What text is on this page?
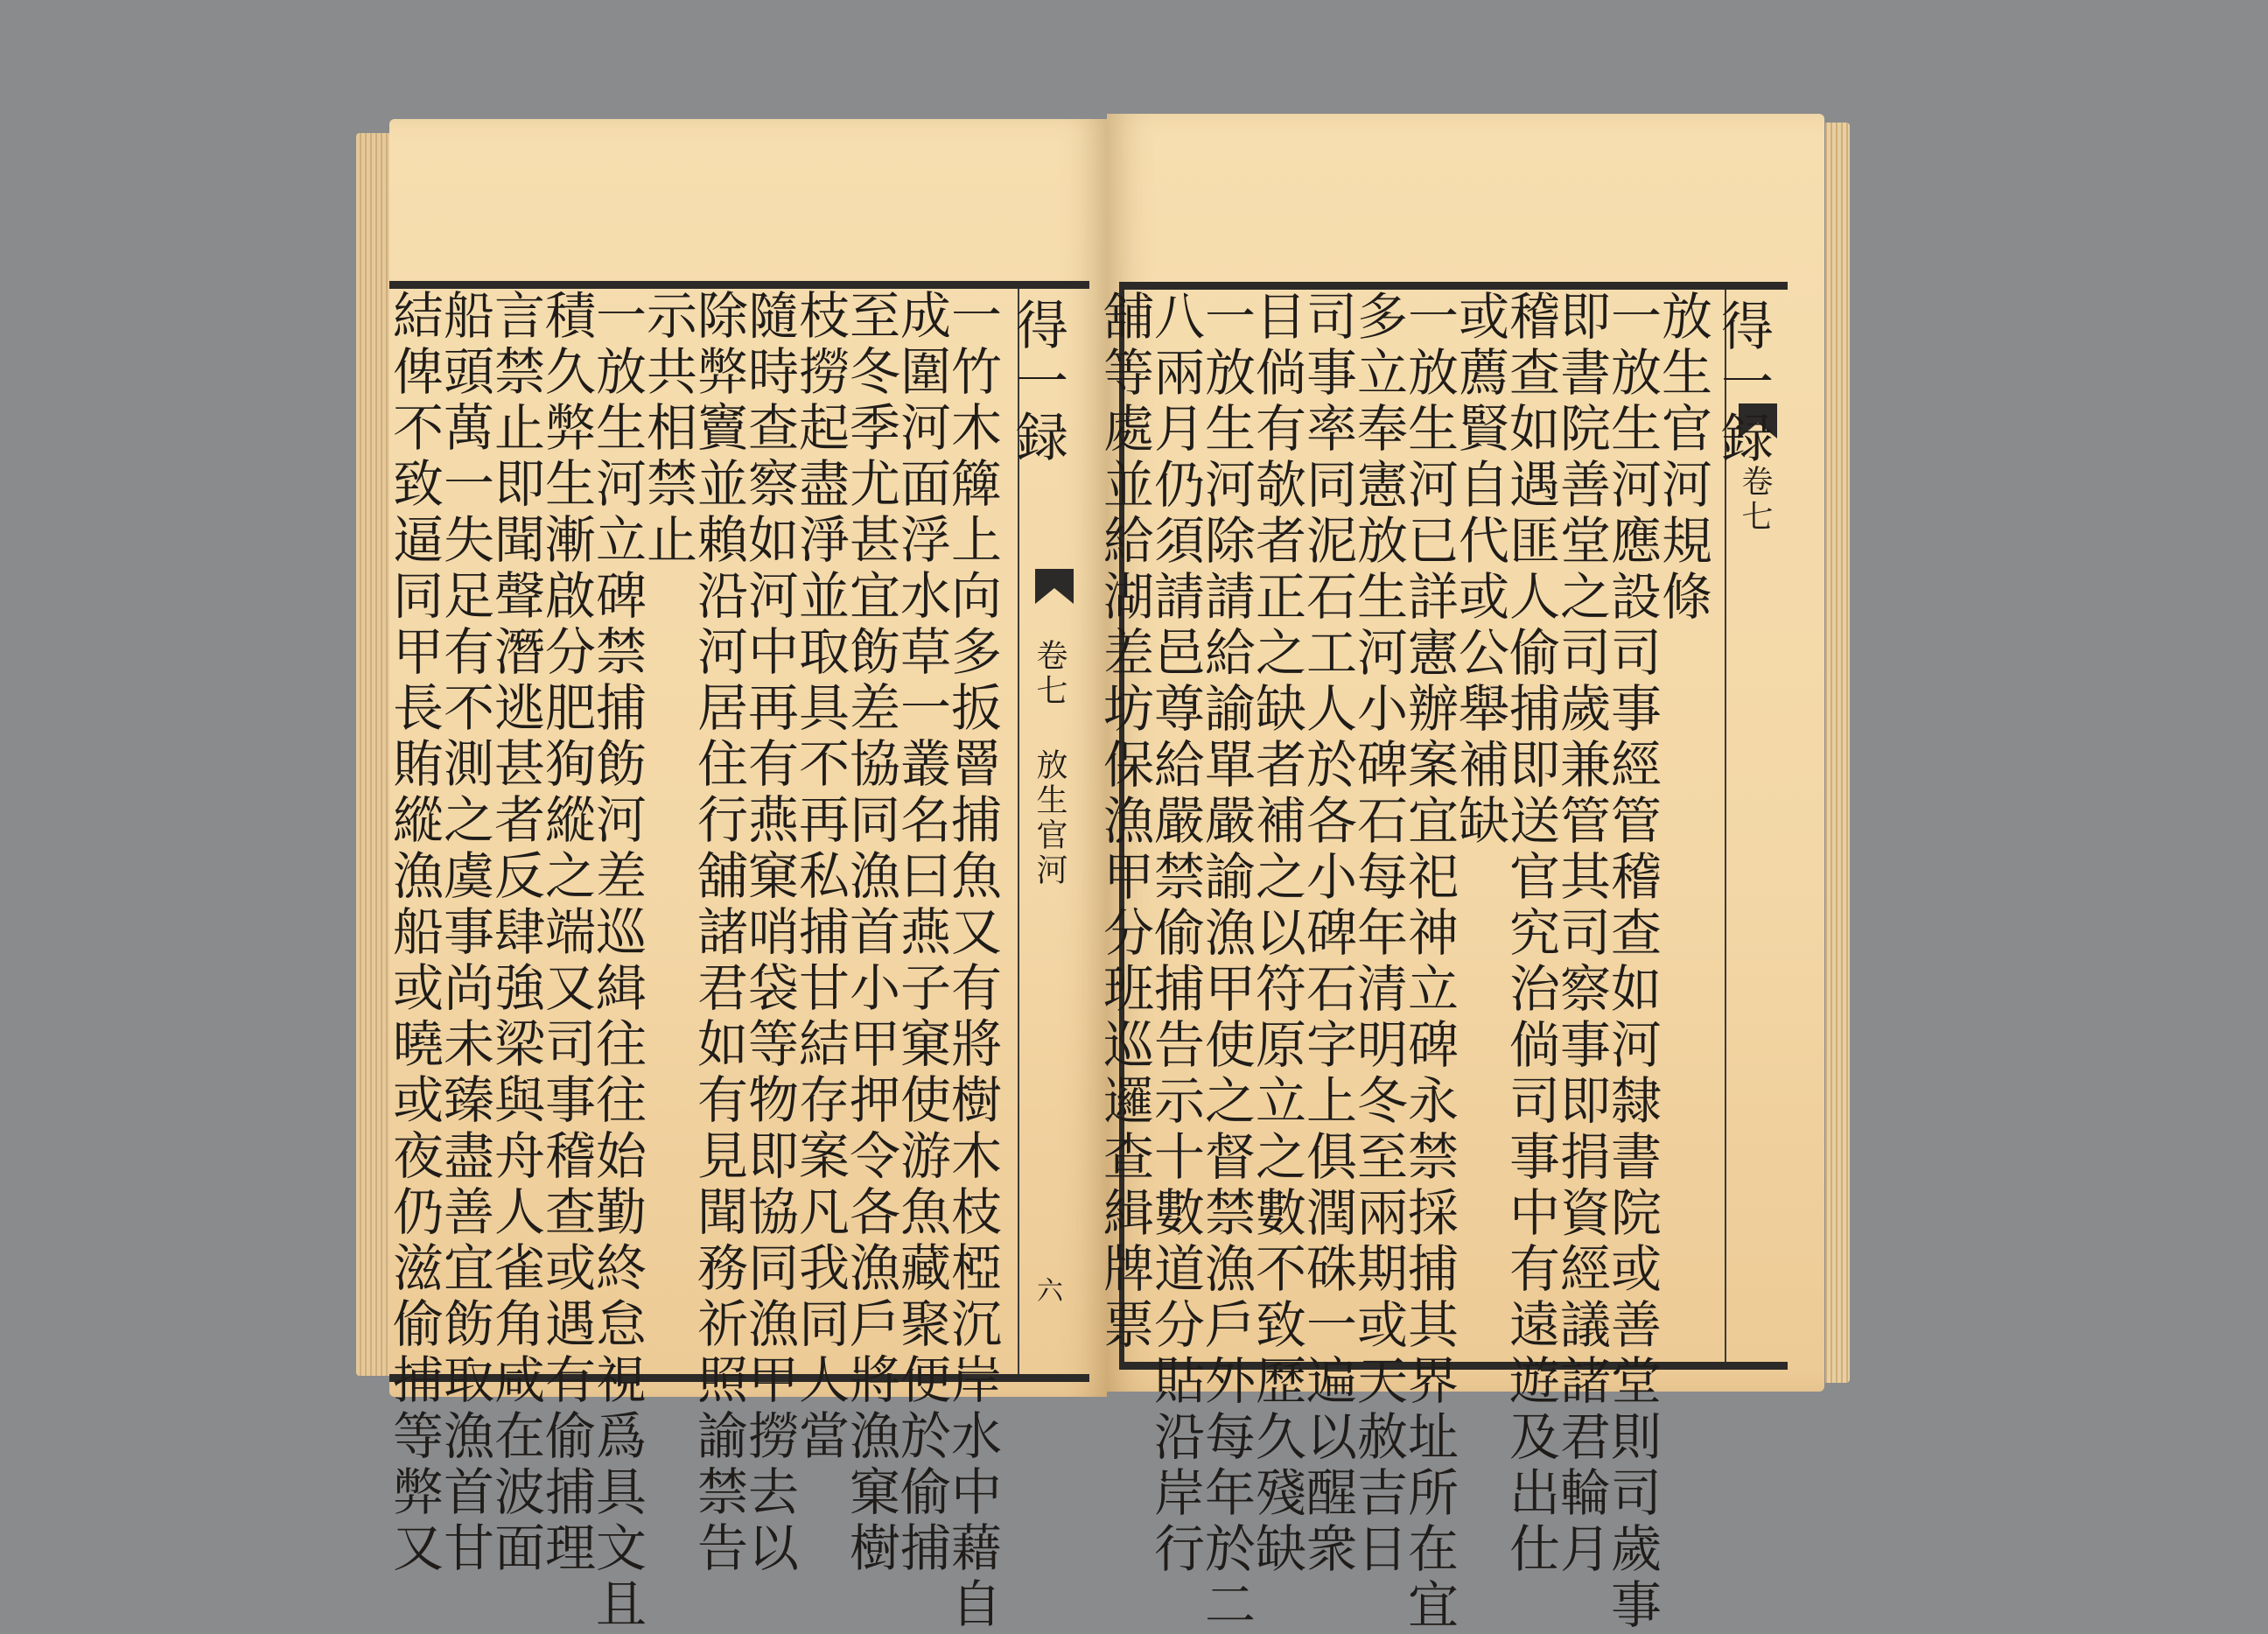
得一録
卷七 放生官河
六
一竹木簰上向多扳罾捕魚又有將樹木枝椏沉岸水中藉自
成圍河面浮水草一叢名曰燕子窠使游魚藏聚便於偷捕
至冬季尤甚宜飭差協同漁首小甲押令各漁戶將漁窠樹
枝撈起盡淨並取具不再私捕甘結存案凡我同人當
隨時查察如河中再有燕窠哨袋等物即協同漁甲撈去以
除弊竇並賴沿河居住行舖諸君如有見聞務祈照諭禁告
示共相禁止
一放生河立碑禁捕飭河差巡緝往往始勤終怠視爲具文且
積久弊生漸啟分肥狥縱之端又司事稽查或遇有偷捕理
言禁止即聞聲潛逃甚者反肆強梁與舟人雀角咸在波面
船頭萬一失足有不測之虞事尚未臻盡善宜飭取漁首甘
結俾不致逼同甲長賄縱漁船或曉或夜仍滋偷捕等弊又	得一録
卷七
放生官河規條
一放生河應設司事經管稽查如河隸書院或善堂則司歲事
即書院善堂之司歲兼管其司察事即捐資經議諸君輪月
稽查如遇匪人偷捕即送官究治倘司事中有遠遊及出仕
或薦賢自代或公舉補缺
一放生河已詳憲辦案宜祀神立碑永禁採捕其界址所在宜
多立奉憲放生河小碑石每年清明冬至兩期或天赦吉日
司事率同泥石工人於各小碑石字上俱潤硃一遍以醒衆
目倘有欹者正之缺者補之以符原立之數不致歷久殘缺
一放生河除請給諭單嚴諭漁甲使之督禁漁戶外每年於二
八兩月仍須請邑尊給嚴禁偷捕告示十數道分貼沿岸行
舖等處並給湖差坊保漁甲分班巡邏查緝牌票
